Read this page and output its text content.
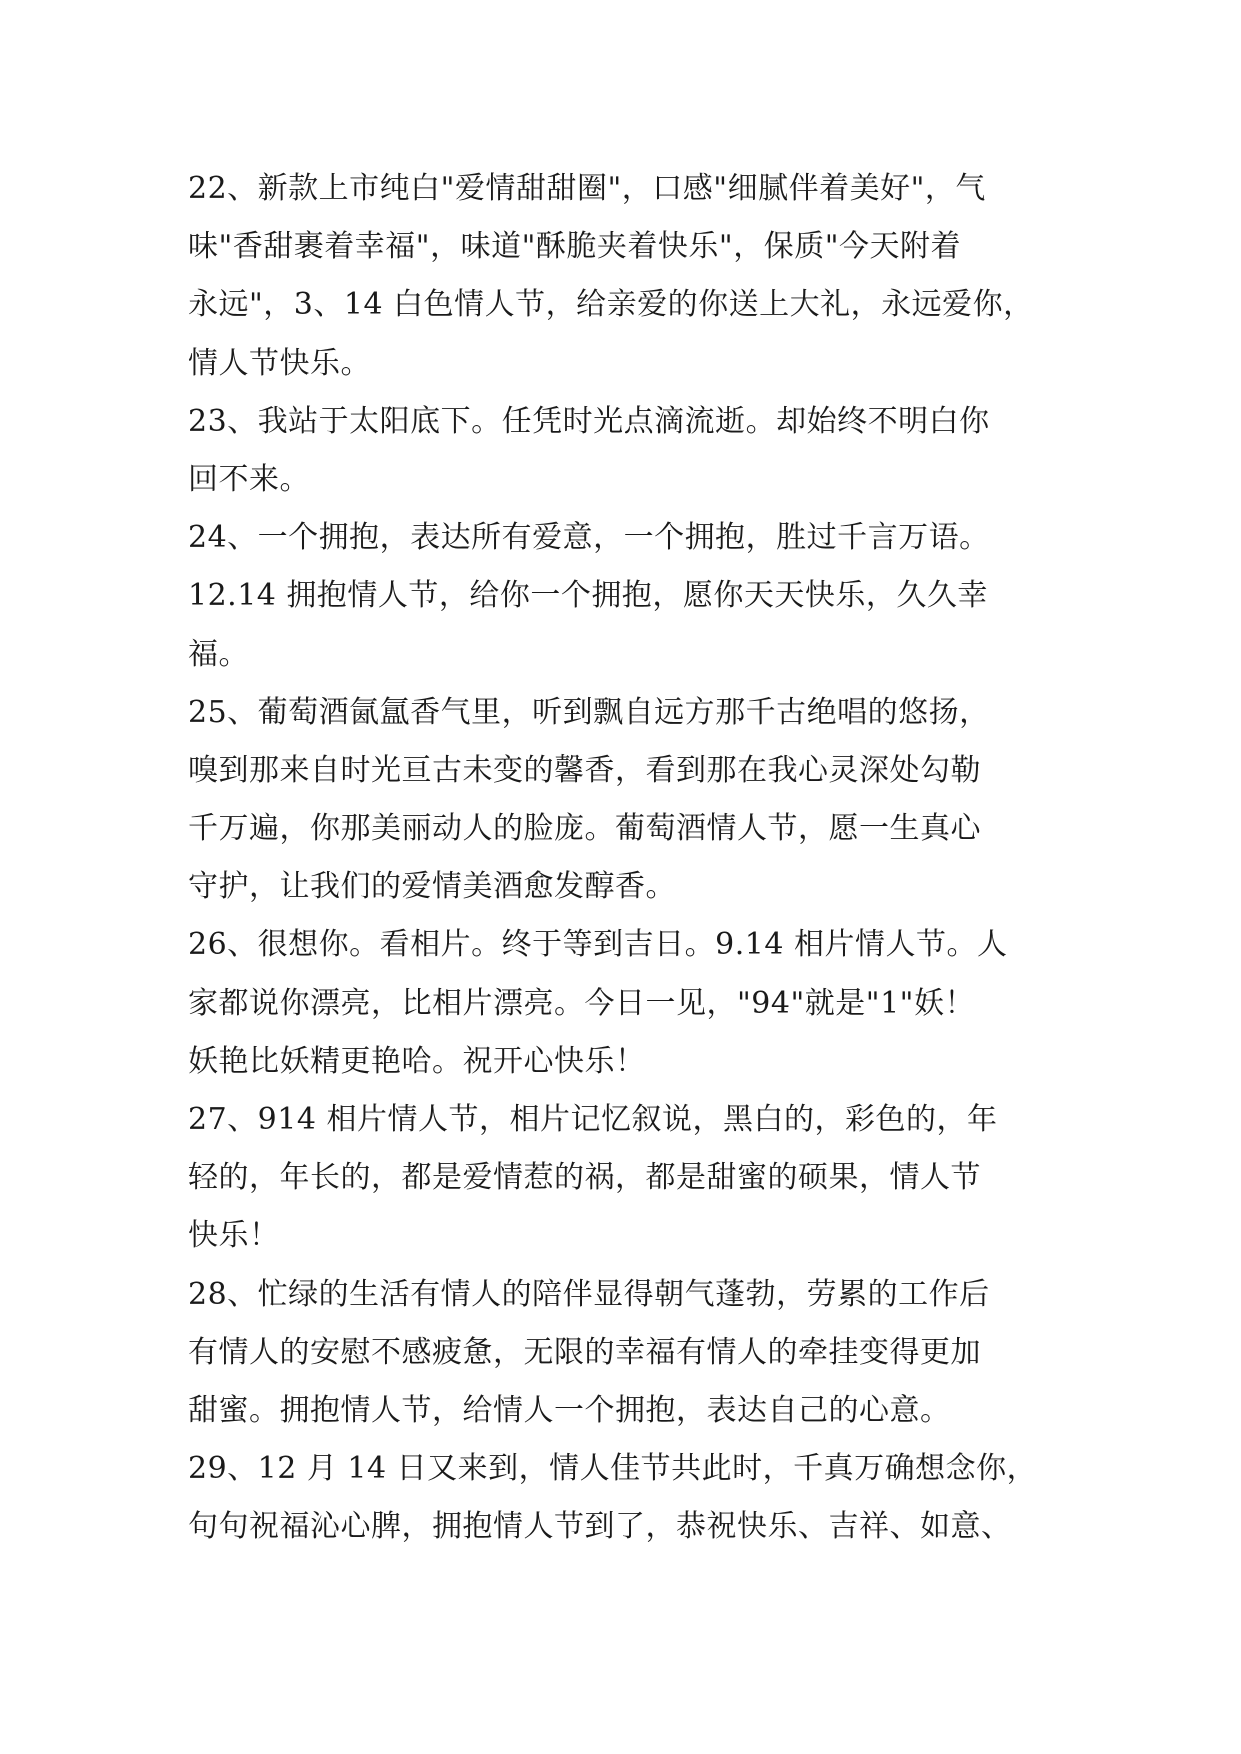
22、新款上市纯白"爱情甜甜圈"，口感"细腻伴着美好"，气
味"香甜裹着幸福"，味道"酥脆夹着快乐"，保质"今天附着
永远"，3、14 白色情人节，给亲爱的你送上大礼，永远爱你，
情人节快乐。
23、我站于太阳底下。任凭时光点滴流逝。却始终不明白你
回不来。
24、一个拥抱，表达所有爱意，一个拥抱，胜过千言万语。
12.14 拥抱情人节，给你一个拥抱，愿你天天快乐，久久幸
福。
25、葡萄酒氤氲香气里，听到飘自远方那千古绝唱的悠扬，
嗅到那来自时光亘古未变的馨香，看到那在我心灵深处勾勒
千万遍，你那美丽动人的脸庞。葡萄酒情人节，愿一生真心
守护，让我们的爱情美酒愈发醇香。
26、很想你。看相片。终于等到吉日。9.14 相片情人节。人
家都说你漂亮，比相片漂亮。今日一见，"94"就是"1"妖！
妖艳比妖精更艳哈。祝开心快乐！
27、914 相片情人节，相片记忆叙说，黑白的，彩色的，年
轻的，年长的，都是爱情惹的祸，都是甜蜜的硕果，情人节
快乐！
28、忙绿的生活有情人的陪伴显得朝气蓬勃，劳累的工作后
有情人的安慰不感疲惫，无限的幸福有情人的牵挂变得更加
甜蜜。拥抱情人节，给情人一个拥抱，表达自己的心意。
29、12 月 14 日又来到，情人佳节共此时，千真万确想念你，
句句祝福沁心脾，拥抱情人节到了，恭祝快乐、吉祥、如意、
